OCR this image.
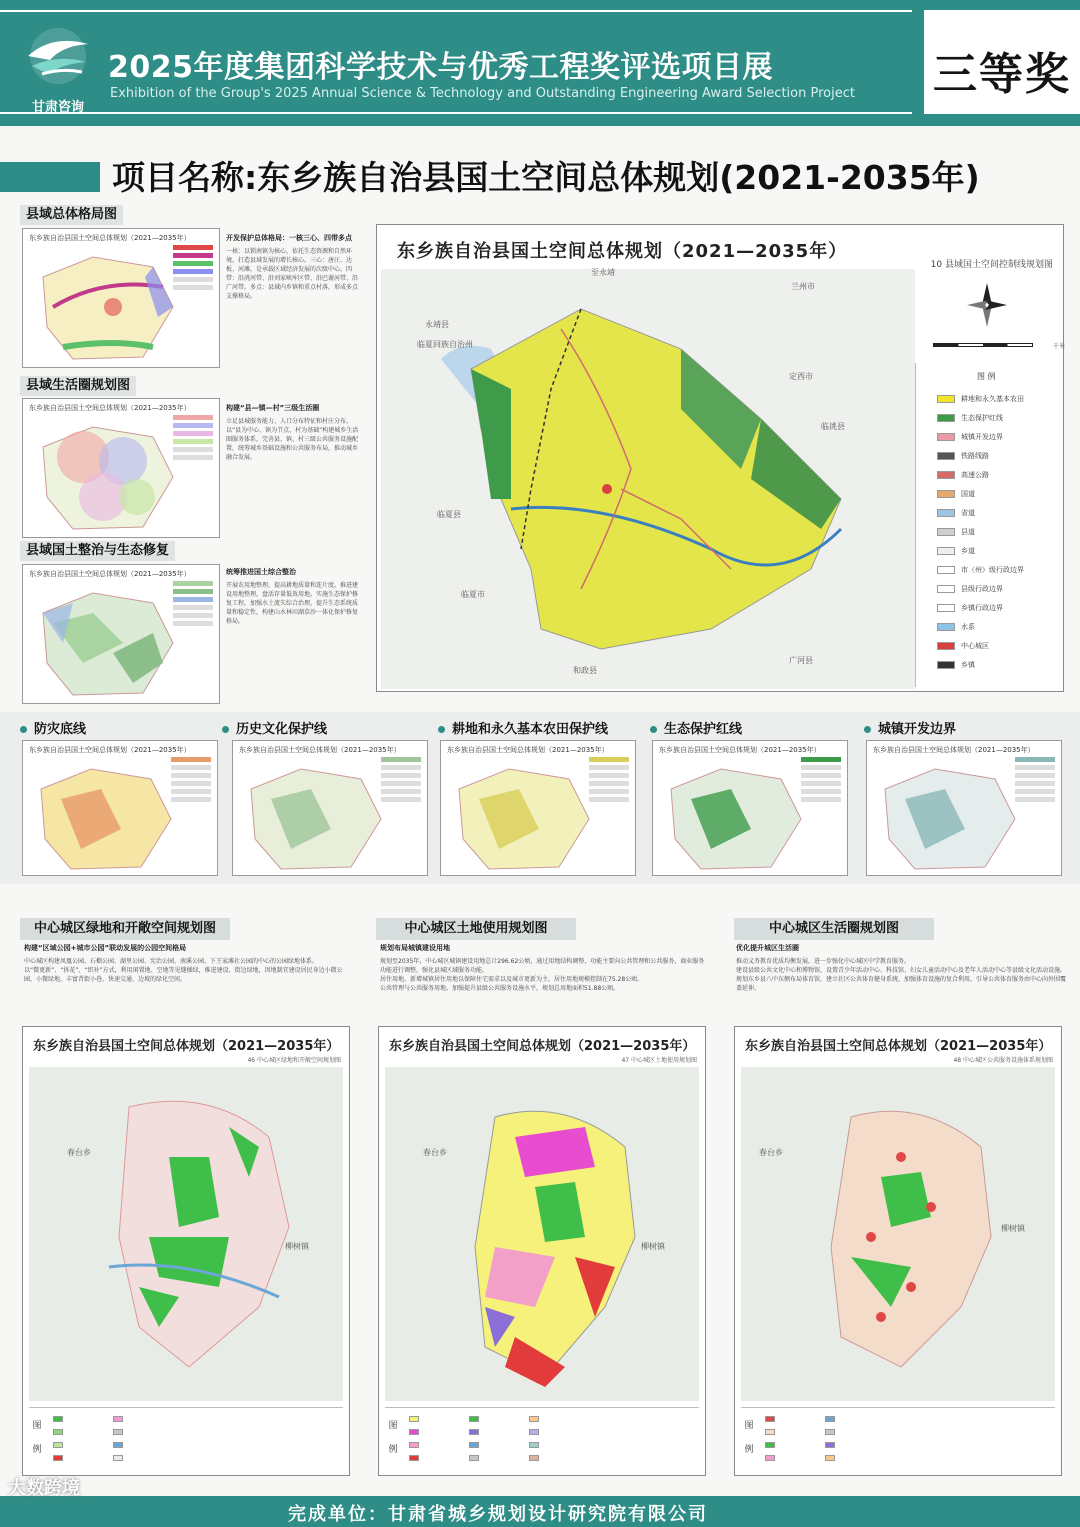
甘肃咨询
2025年度集团科学技术与优秀工程奖评选项目展
Exhibition of the Group's 2025 Annual Science & Technology and Outstanding Engineering Award Selection Project 三等奖
项目名称:东乡族自治县国土空间总体规划(2021-2035年)
县域总体格局图
东乡族自治县国土空间总体规划（2021—2035年）	开发保护总体格局：一核三心、四带多点
一核：以锁南镇为核心，依托生态资源和自然环境，打造县域发展的增长核心。三心：唐汪、达板、河滩，是承载区域经济发展的次级中心。四带：沿洮河带、沿刘家峡库区带、沿巴谢河带、沿广河带。多点：县域内乡镇和重点村落，形成多点支撑格局。
县域生活圈规划图
东乡族自治县国土空间总体规划（2021—2035年）	构建“县—镇—村”三级生活圈
立足县城服务能力、人口分布特征和村庄分布，以“县为中心、镇为节点、村为基础”构建城乡生活圈服务体系，完善县、镇、村三级公共服务设施配置，统筹城乡基础设施和公共服务布局，推动城乡融合发展。
县域国土整治与生态修复
东乡族自治县国土空间总体规划（2021—2035年）	统筹推进国土综合整治
开展农用地整理，提高耕地质量和连片度。推进建设用地整理，盘活存量低效用地。实施生态保护修复工程，加强水土流失综合治理，提升生态系统质量和稳定性，构建山水林田湖草沙一体化保护修复格局。
东乡族自治县国土空间总体规划（2021—2035年）
10 县域国土空间控制线规划图
兰州市
永靖县
临夏回族自治州
定西市
临洮县
临夏县
临夏市
和政县
广河县
至永靖
千米
图 例
耕地和永久基本农田
生态保护红线
城镇开发边界
铁路线路
高速公路
国道
省道
县道
乡道
市（州）级行政边界
县级行政边界
乡镇行政边界
水系
中心城区
乡镇
防灾底线	历史文化保护线	耕地和永久基本农田保护线	生态保护红线	城镇开发边界
东乡族自治县国土空间总体规划（2021—2035年）	东乡族自治县国土空间总体规划（2021—2035年）	东乡族自治县国土空间总体规划（2021—2035年）	东乡族自治县国土空间总体规划（2021—2035年）	东乡族自治县国土空间总体规划（2021—2035年）
中心城区绿地和开敞空间规划图	中心城区土地使用规划图	中心城区生活圈规划图
构建“区域公园+城市公园”联动发展的公园空间格局
中心城区构建凤凰公园、石榴公园、湖里公园、宪治公园、南溪公园、下王家滩社公园的中心的公园绿地体系。
以“微更新”、“拆花”、“织补”方式，利用闲置地、空地等见缝插绿，推进建设、街边绿地，因地制宜建设居民身边小微公园、小微绿地，丰富背街小巷、快速交通、边坡的绿化空间。
规划布局城镇建设用地
规划至2035年，中心城区城镇建设用地总计296.62公顷，通过用地结构调整，功能主要向公共管理和公共服务、商业服务功能进行调整，强化县城区域服务功能。
居住用地。新增城镇居住用地以保障住宅需求以及城市更新为主。居住用地规模控制在75.28公顷。
公共管理与公共服务用地。加强提升县级公共服务设施水平，规划总用地面积51.88公顷。
优化提升城区生活圈
推动义务教育优质均衡发展，进一步强化中心城区中学教育服务。
建设县级公共文化中心和博物馆，设置青少年活动中心、科技馆、妇女儿童活动中心及老年人活动中心等县级文化活动设施。
规划东乡县八中东侧布局体育馆，建立社区公共体育健身系统，加强体育设施的复合利用，引导公共体育服务由中心向外围覆盖延伸。
东乡族自治县国土空间总体规划（2021—2035年）
46 中心城区绿地和开敞空间规划图
春台乡
柳树镇
图例
东乡族自治县国土空间总体规划（2021—2035年）
47 中心城区土地使用规划图
春台乡
柳树镇
图例
东乡族自治县国土空间总体规划（2021—2035年）
48 中心城区公共服务设施体系规划图
春台乡
柳树镇
图例
完成单位：甘肃省城乡规划设计研究院有限公司
大数跨境
